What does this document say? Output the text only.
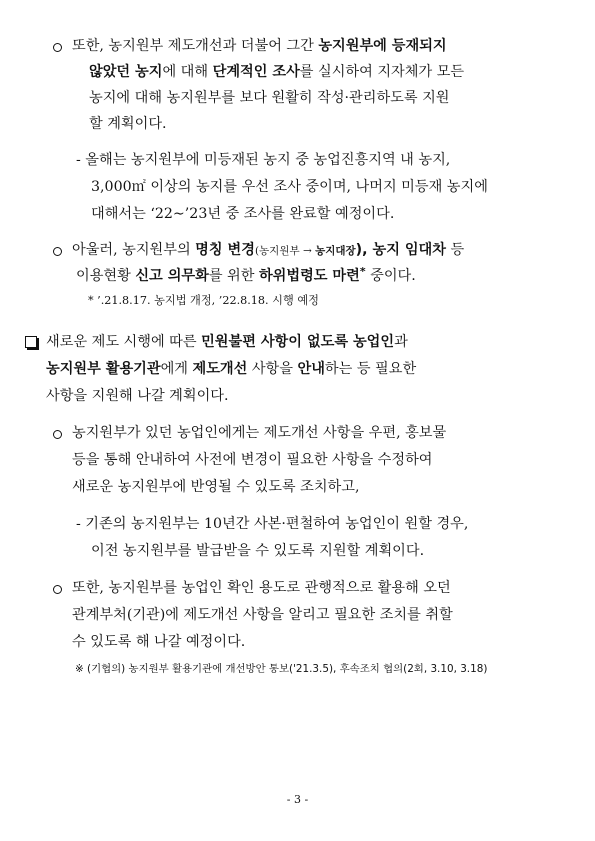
또한, 농지원부 제도개선과 더불어 그간 농지원부에 등재되지
않았던 농지에 대해 단계적인 조사를 실시하여 지자체가 모든
농지에 대해 농지원부를 보다 원활히 작성·관리하도록 지원
할 계획이다.
- 올해는 농지원부에 미등재된 농지 중 농업진흥지역 내 농지,
3,000㎡ 이상의 농지를 우선 조사 중이며, 나머지 미등재 농지에
대해서는 ‘22∼’23년 중 조사를 완료할 예정이다.
아울러, 농지원부의 명칭 변경(농지원부 → 농지대장), 농지 임대차 등
이용현황 신고 의무화를 위한 하위법령도 마련* 중이다.
* ’.21.8.17. 농지법 개정, ’22.8.18. 시행 예정
새로운 제도 시행에 따른 민원불편 사항이 없도록 농업인과
농지원부 활용기관에게 제도개선 사항을 안내하는 등 필요한
사항을 지원해 나갈 계획이다.
농지원부가 있던 농업인에게는 제도개선 사항을 우편, 홍보물
등을 통해 안내하여 사전에 변경이 필요한 사항을 수정하여
새로운 농지원부에 반영될 수 있도록 조치하고,
- 기존의 농지원부는 10년간 사본·편철하여 농업인이 원할 경우,
이전 농지원부를 발급받을 수 있도록 지원할 계획이다.
또한, 농지원부를 농업인 확인 용도로 관행적으로 활용해 오던
관계부처(기관)에 제도개선 사항을 알리고 필요한 조치를 취할
수 있도록 해 나갈 예정이다.
※ (기협의) 농지원부 활용기관에 개선방안 통보('21.3.5), 후속조치 협의(2회, 3.10, 3.18)
- 3 -
